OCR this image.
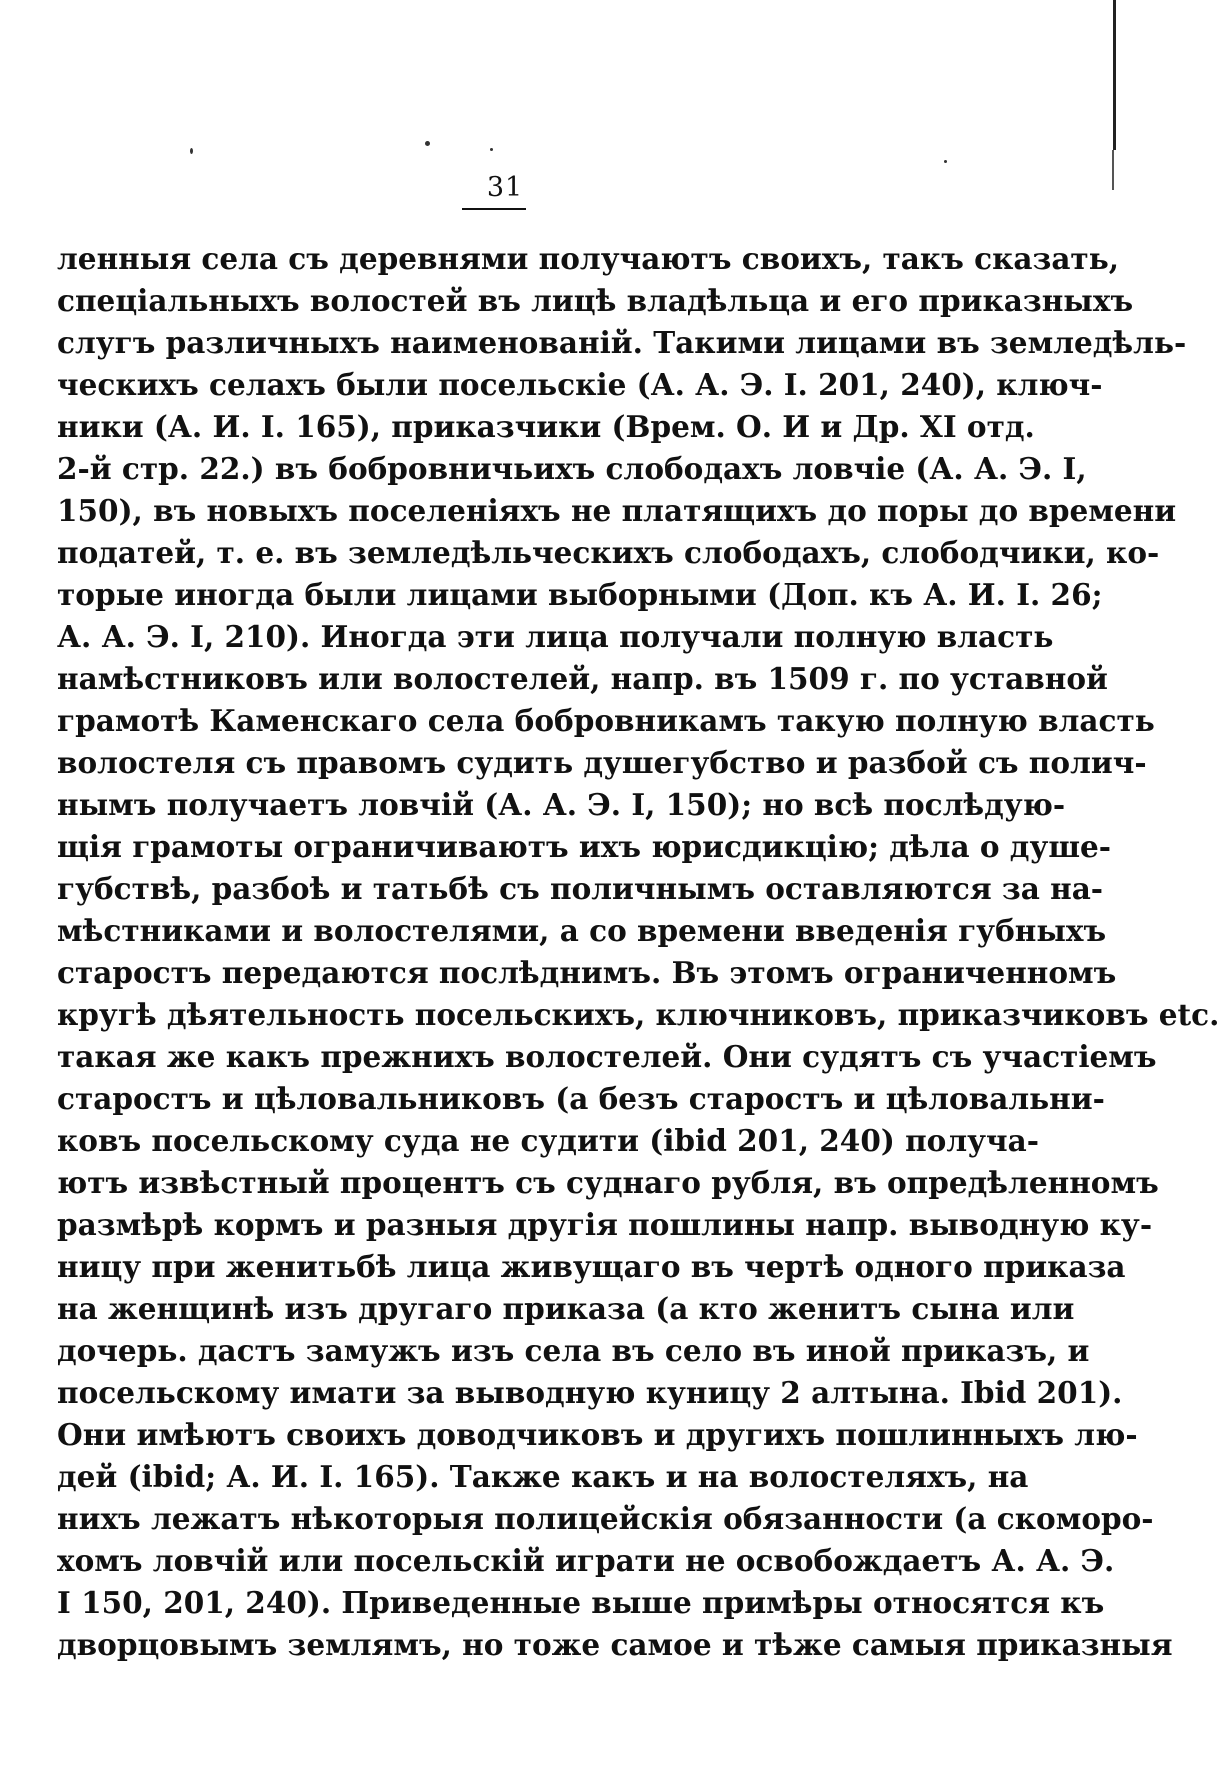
31
ленныя села съ деревнями получаютъ своихъ, такъ сказать,
спеціальныхъ волостей въ лицѣ владѣльца и его приказныхъ
слугъ различныхъ наименованій. Такими лицами въ земледѣль-
ческихъ селахъ были посельскіе (А. А. Э. I. 201, 240), ключ-
ники (А. И. I. 165), приказчики (Врем. О. И и Др. XI отд.
2-й стр. 22.) въ бобровничьихъ слободахъ ловчіе (А. А. Э. I,
150), въ новыхъ поселеніяхъ не платящихъ до поры до времени
податей, т. е. въ земледѣльческихъ слободахъ, слободчики, ко-
торые иногда были лицами выборными (Доп. къ А. И. I. 26;
А. А. Э. I, 210). Иногда эти лица получали полную власть
намѣстниковъ или волостелей, напр. въ 1509 г. по уставной
грамотѣ Каменскаго села бобровникамъ такую полную власть
волостеля съ правомъ судить душегубство и разбой съ полич-
нымъ получаетъ ловчій (А. А. Э. I, 150); но всѣ послѣдую-
щія грамоты ограничиваютъ ихъ юрисдикцію; дѣла о душе-
губствѣ, разбоѣ и татьбѣ съ поличнымъ оставляются за на-
мѣстниками и волостелями, а со времени введенія губныхъ
старостъ передаются послѣднимъ. Въ этомъ ограниченномъ
кругѣ дѣятельность посельскихъ, ключниковъ, приказчиковъ etc.
такая же какъ прежнихъ волостелей. Они судятъ съ участіемъ
старостъ и цѣловальниковъ (а безъ старостъ и цѣловальни-
ковъ посельскому суда не судити (ibid 201, 240) получа-
ютъ извѣстный процентъ съ суднаго рубля, въ опредѣленномъ
размѣрѣ кормъ и разныя другія пошлины напр. выводную ку-
ницу при женитьбѣ лица живущаго въ чертѣ одного приказа
на женщинѣ изъ другаго приказа (а кто женитъ сына или
дочерь. дастъ замужъ изъ села въ село въ иной приказъ, и
посельскому имати за выводную куницу 2 алтына. Ibid 201).
Они имѣютъ своихъ доводчиковъ и другихъ пошлинныхъ лю-
дей (ibid; А. И. I. 165). Также какъ и на волостеляхъ, на
нихъ лежатъ нѣкоторыя полицейскія обязанности (а скоморо-
хомъ ловчій или посельскій играти не освобождаетъ А. А. Э.
I 150, 201, 240). Приведенные выше примѣры относятся къ
дворцовымъ землямъ, но тоже самое и тѣже самыя приказныя
